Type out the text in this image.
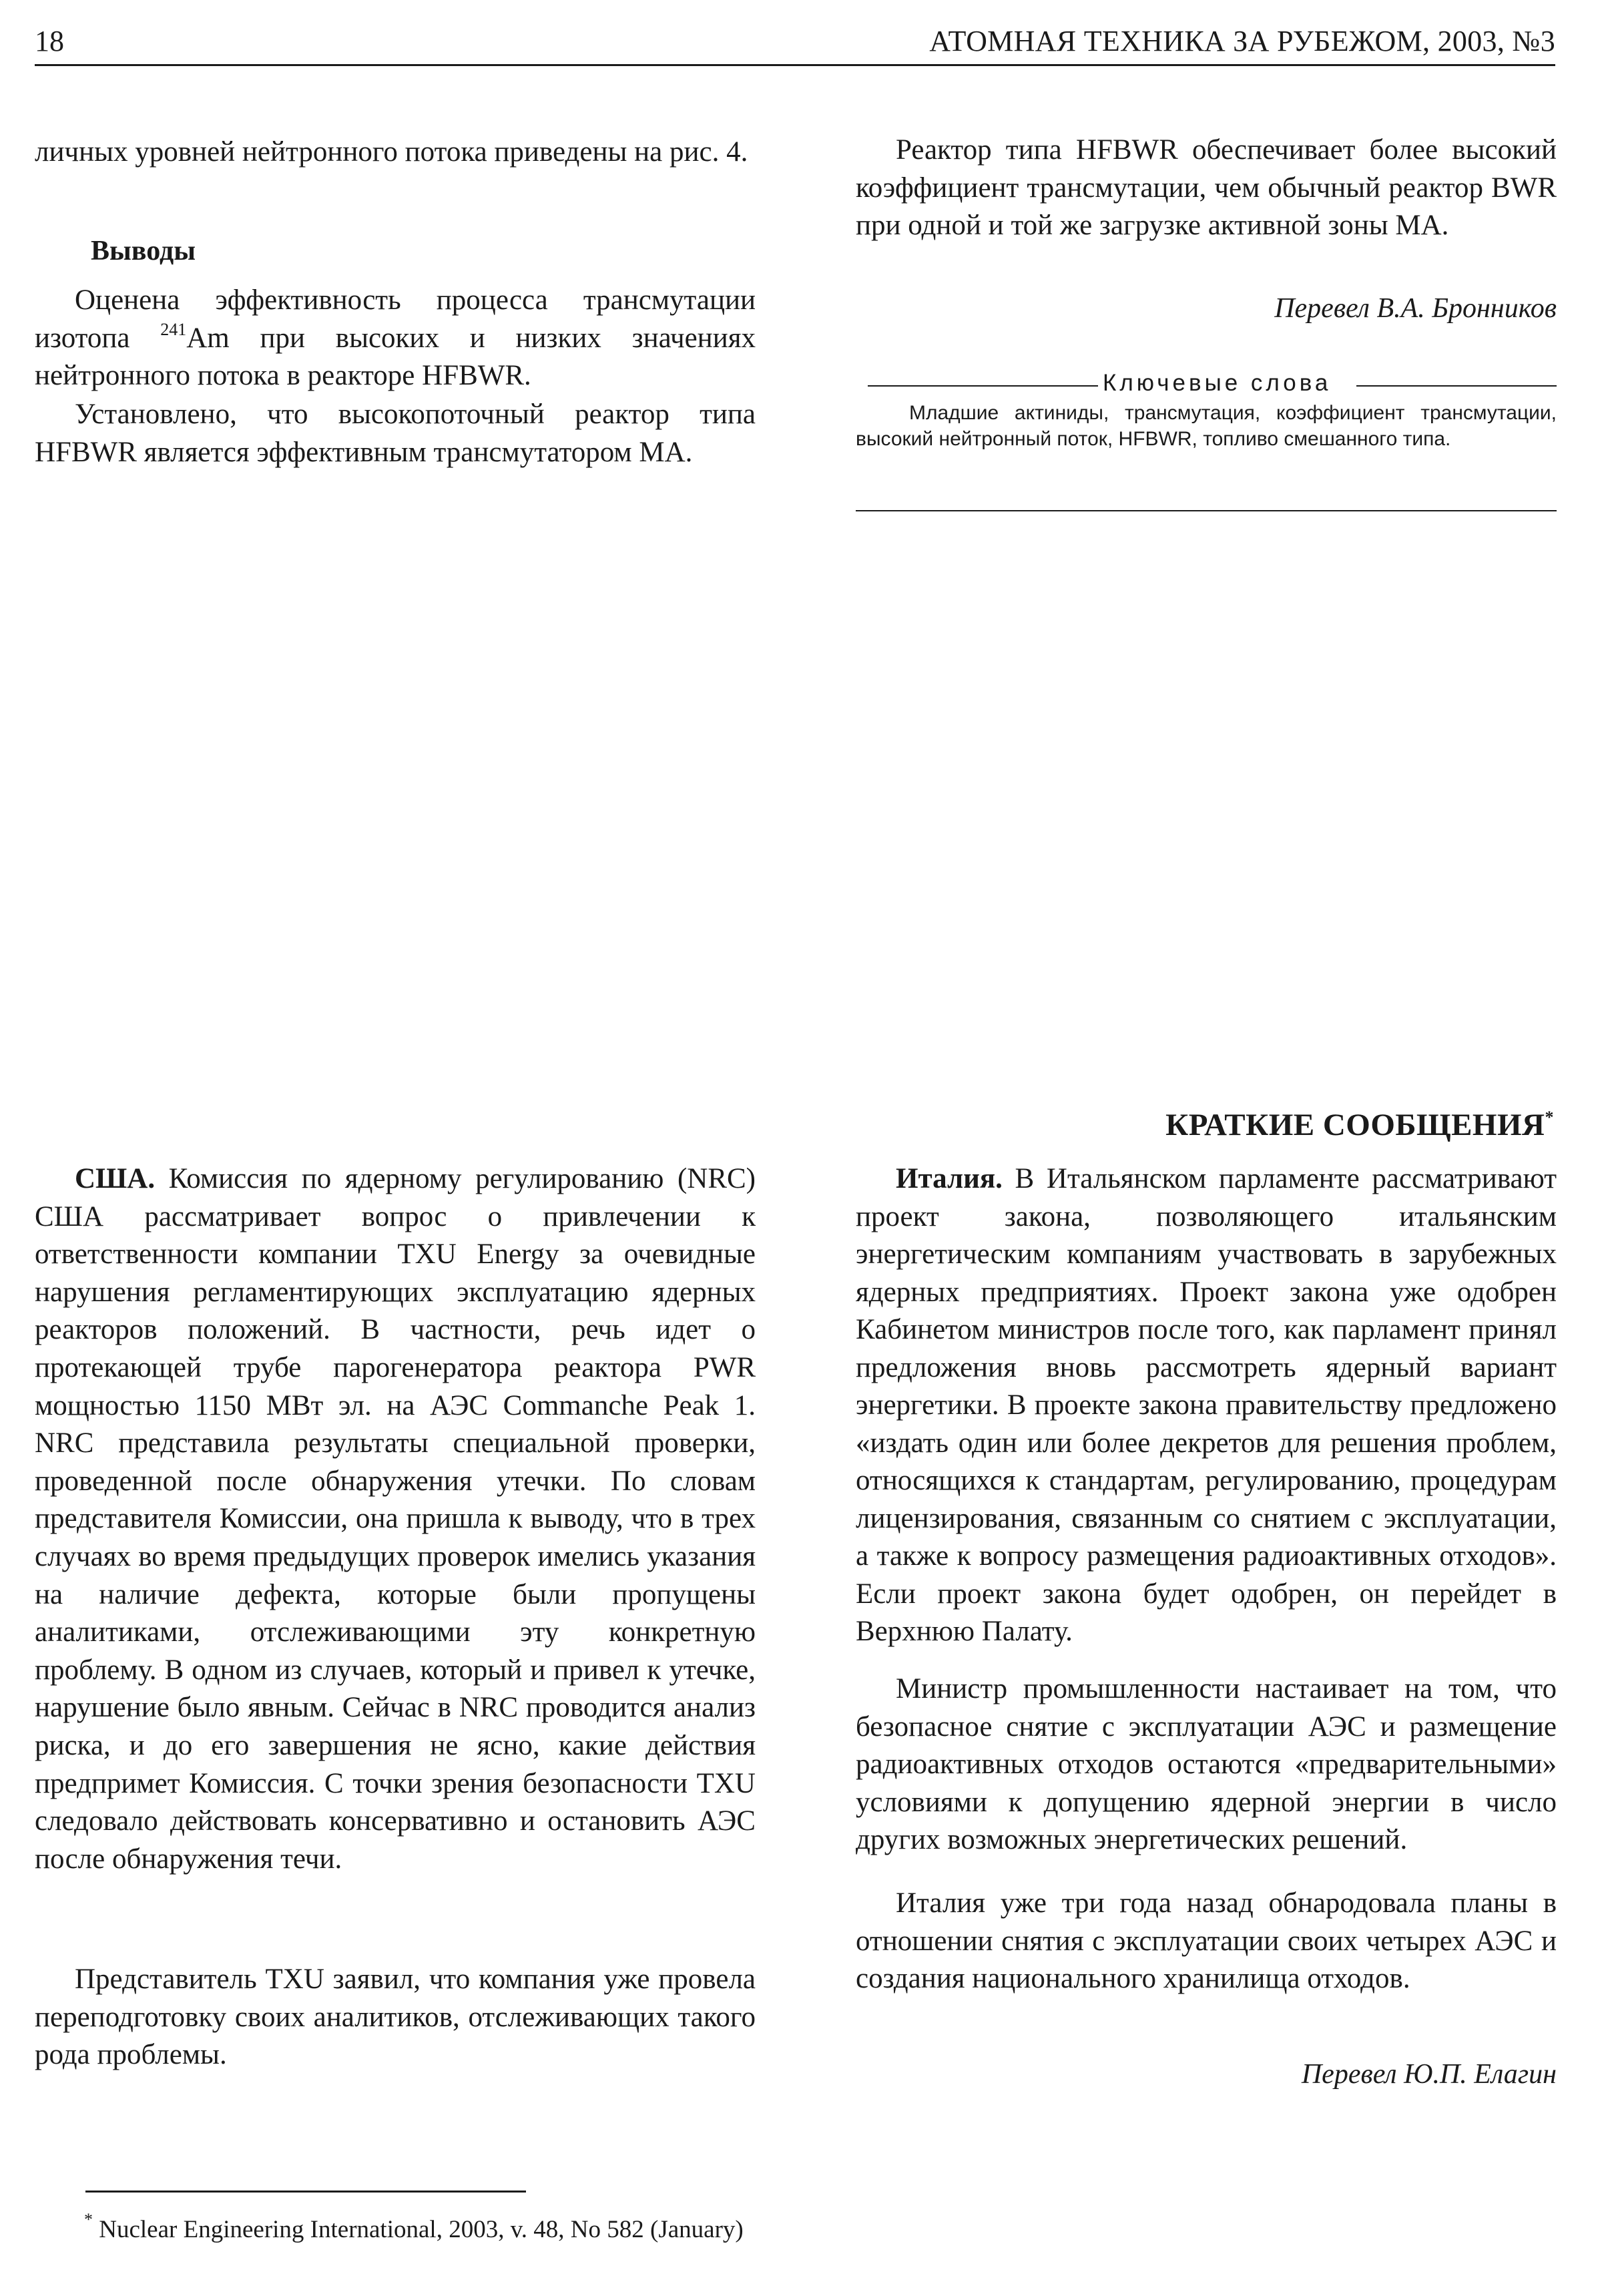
18	АТОМНАЯ ТЕХНИКА ЗА РУБЕЖОМ, 2003, №3

личных уровней нейтронного потока приведены на рис. 4.

Выводы

Оценена эффективность процесса трансмутации изотопа $^{241}$Am при высоких и низких значениях нейтронного потока в реакторе HFBWR.

Установлено, что высокопоточный реактор типа HFBWR является эффективным трансмутатором MA.

Реактор типа HFBWR обеспечивает более высокий коэффициент трансмутации, чем обычный реактор BWR при одной и той же загрузке активной зоны MA.

Перевел В.А. Бронников
Ключевые слова

Младшие актиниды, трансмутация, коэффициент трансмутации, высокий нейтронный поток, HFBWR, топливо смешанного типа.

КРАТКИЕ СООБЩЕНИЯ*

США. Комиссия по ядерному регулированию (NRC) США рассматривает вопрос о привлечении к ответственности компании TXU Energy за очевидные нарушения регламентирующих эксплуатацию ядерных реакторов положений. В частности, речь идет о протекающей трубе парогенератора реактора PWR мощностью 1150 МВт эл. на АЭС Commanche Peak 1. NRC представила результаты специальной проверки, проведенной после обнаружения утечки. По словам представителя Комиссии, она пришла к выводу, что в трех случаях во время предыдущих проверок имелись указания на наличие дефекта, которые были пропущены аналитиками, отслеживающими эту конкретную проблему. В одном из случаев, который и привел к утечке, нарушение было явным. Сейчас в NRC проводится анализ риска, и до его завершения не ясно, какие действия предпримет Комиссия. С точки зрения безопасности TXU следовало действовать консервативно и остановить АЭС после обнаружения течи.

Представитель TXU заявил, что компания уже провела переподготовку своих аналитиков, отслеживающих такого рода проблемы.

Италия. В Итальянском парламенте рассматривают проект закона, позволяющего итальянским энергетическим компаниям участвовать в зарубежных ядерных предприятиях. Проект закона уже одобрен Кабинетом министров после того, как парламент принял предложения вновь рассмотреть ядерный вариант энергетики. В проекте закона правительству предложено «издать один или более декретов для решения проблем, относящихся к стандартам, регулированию, процедурам лицензирования, связанным со снятием с эксплуатации, а также к вопросу размещения радиоактивных отходов». Если проект закона будет одобрен, он перейдет в Верхнюю Палату.

Министр промышленности настаивает на том, что безопасное снятие с эксплуатации АЭС и размещение радиоактивных отходов остаются «предварительными» условиями к допущению ядерной энергии в число других возможных энергетических решений.

Италия уже три года назад обнародовала планы в отношении снятия с эксплуатации своих четырех АЭС и создания национального хранилища отходов.

Перевел Ю.П. Елагин
* Nuclear Engineering International, 2003, v. 48, No 582 (January)
